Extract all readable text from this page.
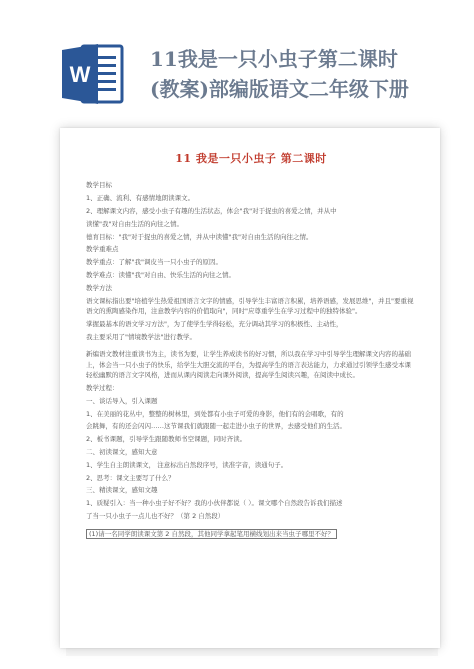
W
11我是一只小虫子第二课时
(教案)部编版语文二年级下册
11 我是一只小虫子 第二课时

教学目标

1、正确、流利、有感情地朗读课文。

2、理解课文内容，感受小虫子有趣的生活状态，体会"我"对于捉虫的喜爱之情，并从中

读懂"我"对自由生活的向往之情。

德育目标："我"对于捉虫的喜爱之情，并从中读懂"我"对自由生活的向往之情。

教学重难点

教学重点：了解"我"调皮当一只小虫子的原因。

教学难点：读懂"我"对自由、快乐生活的向往之情。

教学方法

语文课标指出要"培植学生热爱祖国语言文字的情感，引导学生丰富语言积累，培养语感，发展思维"，并且"要重视语文的熏陶感染作用，注意教学内容的价值取向"，同时"应尊重学生在学习过程中的独特体验"。

掌握最基本的语文学习方法"，为了使学生学得轻松，充分调动其学习的积极性、主动性，

我主要采用了"情境教学法"进行教学。

新编语文教材注重读书为主，读书为要，让学生养成读书的好习惯，所以我在学习中引导学生理解课文内容的基础上，体会当一只小虫子的快乐，给学生大胆交流的平台，为提高学生的语言表达能力，力求通过引领学生感受本课轻松幽默的语言文字风格，进而从课内阅读走向课外阅读，提高学生阅读兴趣，在阅读中成长。

教学过程：

一、谈话导入，引入课题

1、在美丽的花丛中，整整的树林里，到处都有小虫子可爱的身影，他们有的会唱歌，有的

会跳舞，有的还会闪闪……这节课我们就跟随一起走进小虫子的世界，去感受他们的生活。

2、板书课题，引导学生跟随教师书空课题，同时齐读。

二、初读课文，感知大意

1、学生自主朗读课文， 注意标出自然段序号，读准字音，读通句子。

2、思考：课文主要写了什么？

三、精读课文，感知文趣

1、质疑引入：当一种小虫子好不好？我的小伙伴都说（ ）。课文哪个自然段告诉我们描述

了当一只小虫子一点儿也不好？（第 2 自然段）

(1)请一名同学朗读课文第 2 自然段，其他同学拿起笔用横线划出来当虫子哪里不好？
